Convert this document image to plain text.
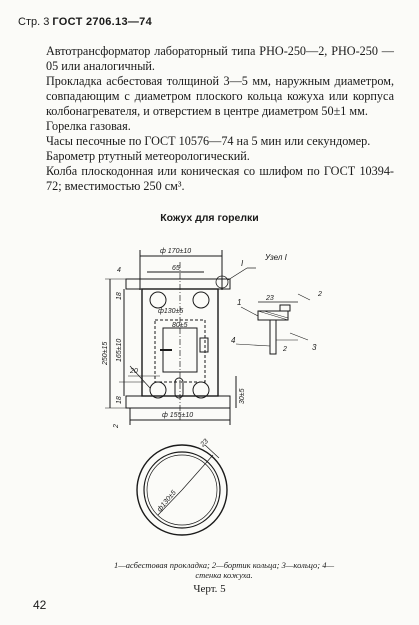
Стр. 3 ГОСТ 2706.13—74

Автотрансформатор лабораторный типа РНО-250—2, РНО-250 —05 или аналогичный.

Прокладка асбестовая толщиной 3—5 мм, наружным диаметром, совпадающим с диаметром плоского кольца кожуха или корпуса колбонагревателя, и отверстием в центре диаметром 50±1 мм.

Горелка газовая.

Часы песочные по ГОСТ 10576—74 на 5 мин или секундомер.

Барометр ртутный метеорологический.

Колба плоскодонная или коническая со шлифом по ГОСТ 10394- 72; вместимостью 250 см³.

Кожух для горелки
ф 170±10
65
4
I
Узел I
250±15 165±10
18
18
2
20
ф130±5
80±5
30±5
ф 155±10
23
2
2
1
3
4
23
ф130±5
1—асбестовая прокладка; 2—бортик кольца; 3—кольцо; 4—стенка кожуха.
Черт. 5
42
